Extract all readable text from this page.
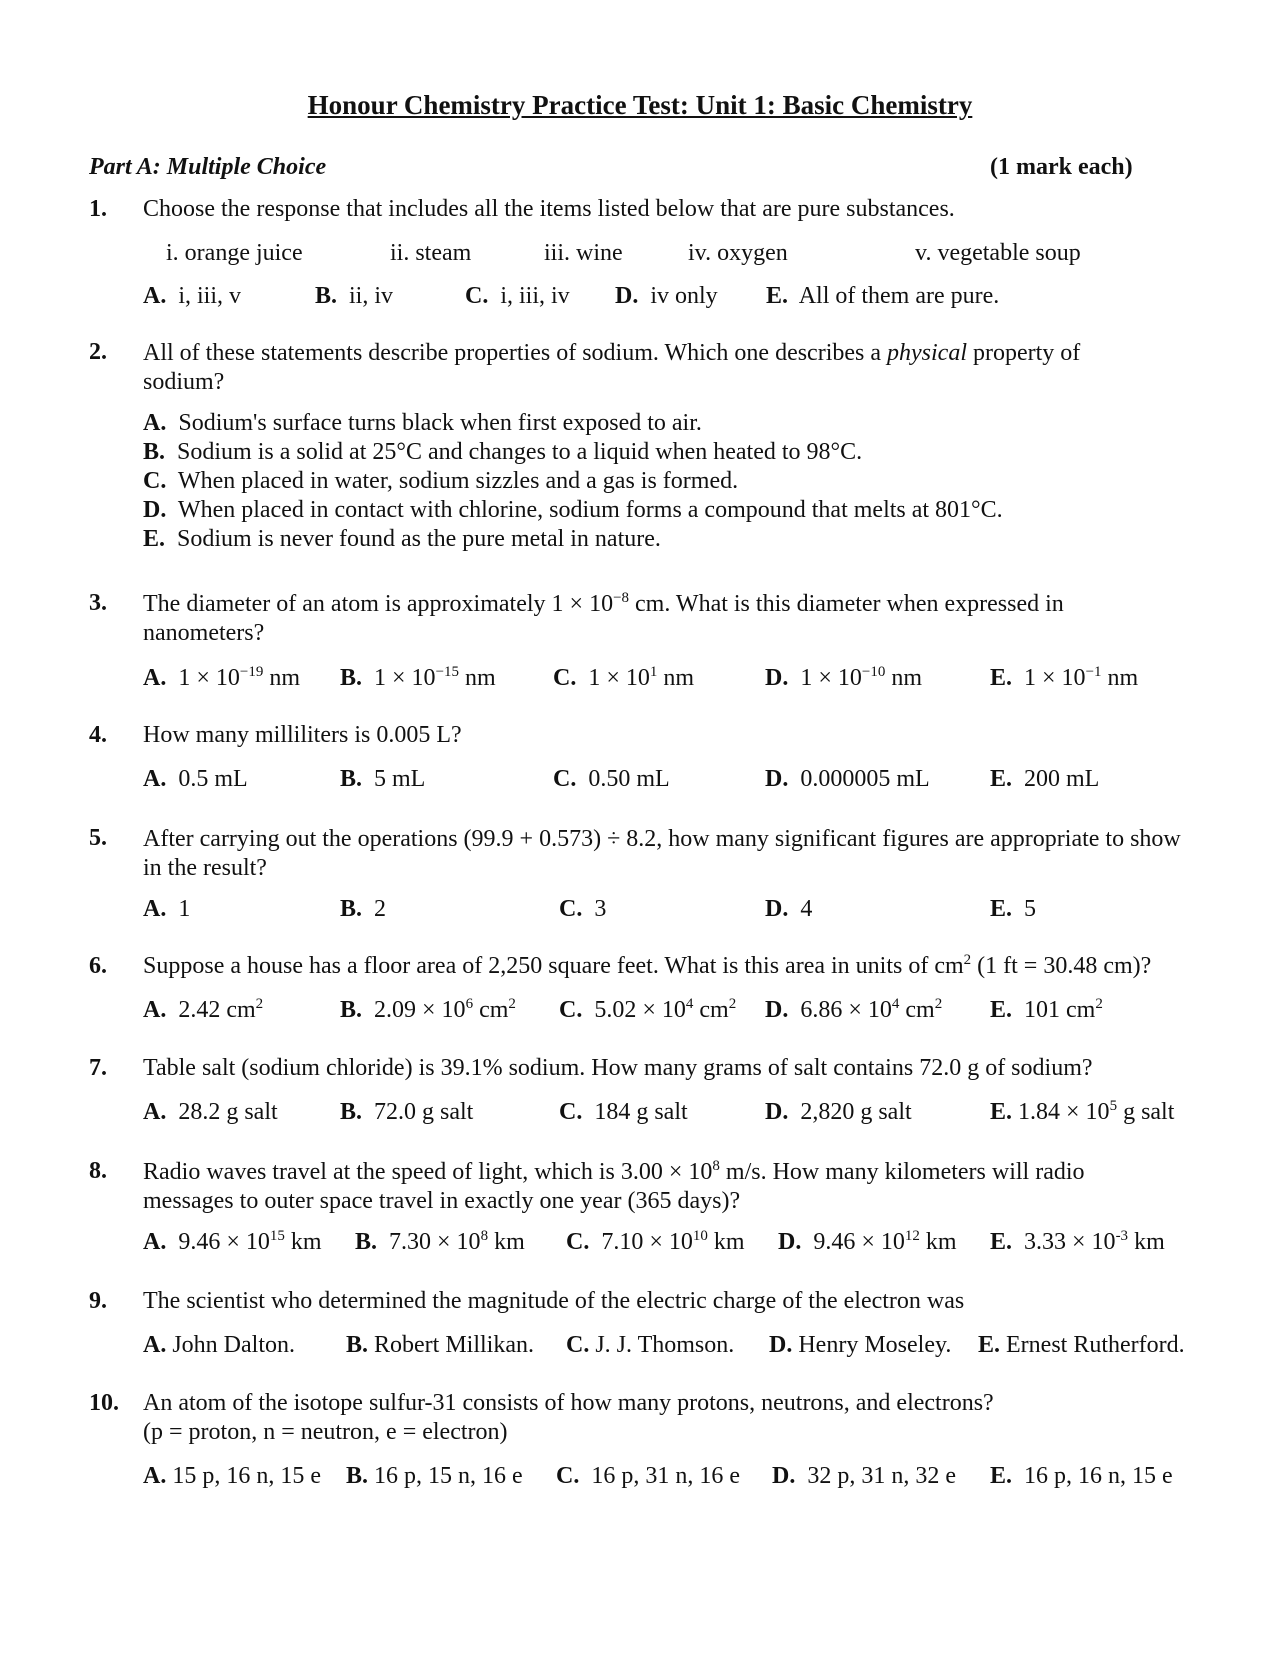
Honour Chemistry Practice Test: Unit 1: Basic Chemistry
Part A: Multiple Choice	(1 mark each)
1. Choose the response that includes all the items listed below that are pure substances.
i. orange juice	ii. steam	iii. wine	iv. oxygen	v. vegetable soup
A. i, iii, v	B. ii, iv	C. i, iii, iv D. iv only E. All of them are pure.
2. All of these statements describe properties of sodium. Which one describes a physical property of sodium?
A. Sodium's surface turns black when first exposed to air.
B. Sodium is a solid at 25°C and changes to a liquid when heated to 98°C.
C. When placed in water, sodium sizzles and a gas is formed.
D. When placed in contact with chlorine, sodium forms a compound that melts at 801°C.
E. Sodium is never found as the pure metal in nature.
3. The diameter of an atom is approximately $1 \times 10^{-8}$ cm. What is this diameter when expressed in nanometers?
A. $1 \times 10^{-19}$ nm B. $1 \times 10^{-15}$ nm C. $1 \times 10^1$ nm	D. $1 \times 10^{-10}$ nm	E. $1 \times 10^{-1}$ nm
4. How many milliliters is 0.005 L?
A. 0.5 mL	B. 5 mL	C. 0.50 mL	D. 0.000005 mL	E. 200 mL
5. After carrying out the operations (99.9 + 0.573) ÷ 8.2, how many significant figures are appropriate to show in the result?
A. 1	B. 2	C. 3	D. 4	E. 5
6. Suppose a house has a floor area of 2,250 square feet. What is this area in units of $cm^2$ (1 ft = 30.48 cm)?
A. 2.42 $cm^2$	B. $2.09 \times 10^6$ $cm^2$ C. $5.02 \times 10^4$ $cm^2$ D. $6.86 \times 10^4$ $cm^2$ E. 101 $cm^2$
7. Table salt (sodium chloride) is 39.1% sodium. How many grams of salt contains 72.0 g of sodium?
A. 28.2 g salt	B. 72.0 g salt	C. 184 g salt	D. 2,820 g salt	E. $1.84 \times 10^5$ g salt
8. Radio waves travel at the speed of light, which is $3.00 \times 10^8$ m/s. How many kilometers will radio messages to outer space travel in exactly one year (365 days)?
A. $9.46 \times 10^{15}$ km B. $7.30 \times 10^8$ km C. $7.10 \times 10^{10}$ km D. $9.46 \times 10^{12}$ km E. $3.33 \times 10^{-3}$ km
9. The scientist who determined the magnitude of the electric charge of the electron was
A. John Dalton. B. Robert Millikan. C. J. J. Thomson. D. Henry Moseley. E. Ernest Rutherford.
10. An atom of the isotope sulfur-31 consists of how many protons, neutrons, and electrons?
(p = proton, n = neutron, e = electron)
A. 15 p, 16 n, 15 e B. 16 p, 15 n, 16 e C. 16 p, 31 n, 16 e D. 32 p, 31 n, 32 e E. 16 p, 16 n, 15 e
